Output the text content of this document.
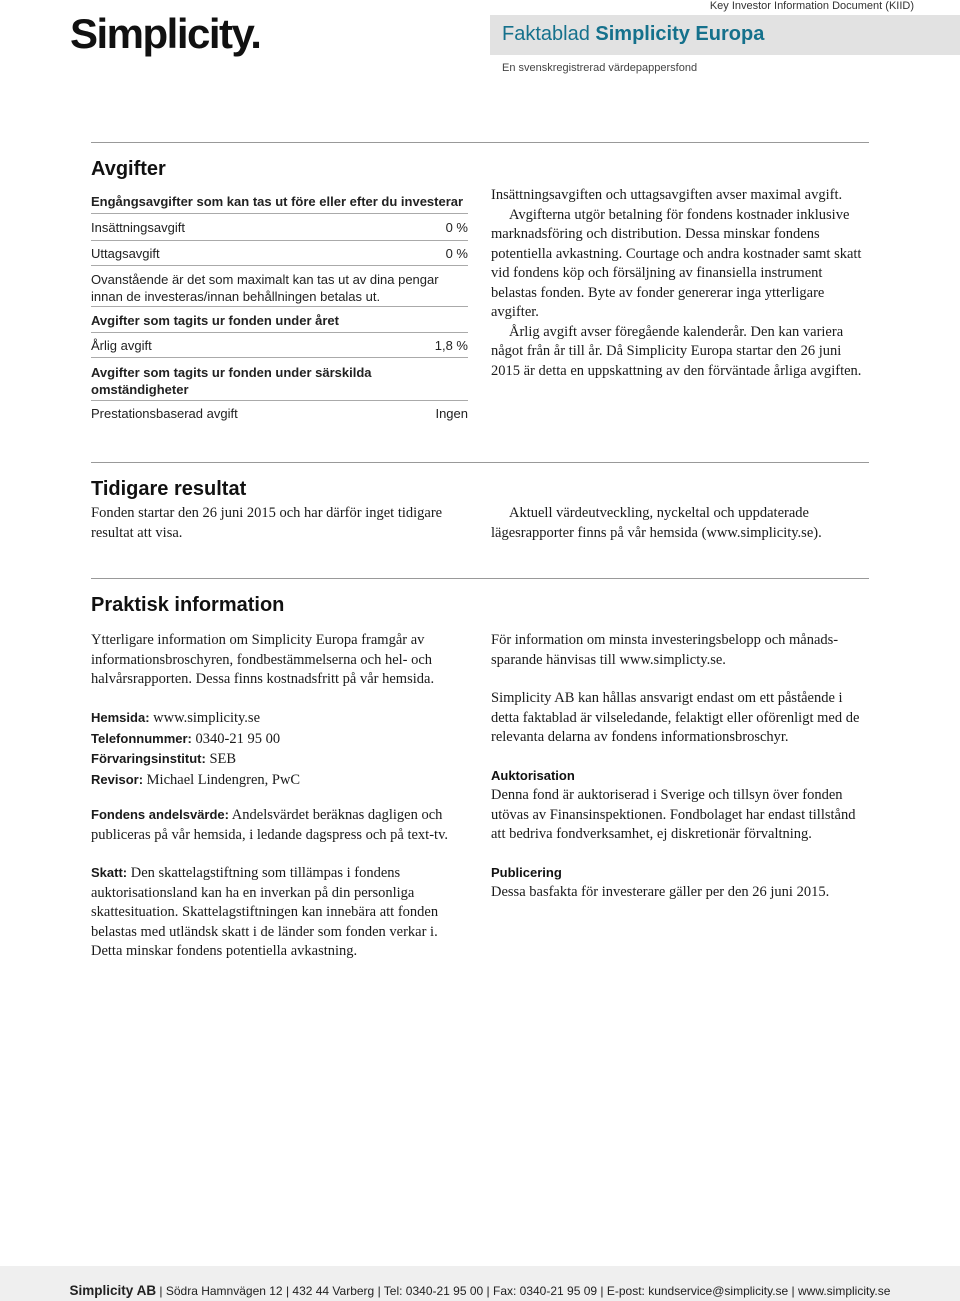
Simplicity.
Key Investor Information Document (KIID)
Faktablad Simplicity Europa
En svenskregistrerad värdepappersfond
Avgifter
Engångsavgifter som kan tas ut före eller efter du investerar
Insättningsavgift	0 %
Uttagsavgift	0 %
Ovanstående är det som maximalt kan tas ut av dina pengar innan de investeras/innan behållningen betalas ut.
Avgifter som tagits ur fonden under året
Årlig avgift	1,8 %
Avgifter som tagits ur fonden under särskilda omständigheter
Prestationsbaserad avgift	Ingen

Insättningsavgiften och uttagsavgiften avser maximal avgift.

Avgifterna utgör betalning för fondens kostnader inklusive marknadsföring och distribution. Dessa minskar fondens potentiella avkastning. Courtage och andra kostnader samt skatt vid fondens köp och försäljning av finansiella instrument belastas fonden. Byte av fonder genererar inga ytterligare avgifter.

Årlig avgift avser föregående kalenderår. Den kan variera något från år till år. Då Simplicity Europa startar den 26 juni 2015 är detta en uppskattning av den förväntade årliga avgiften.

Tidigare resultat
Fonden startar den 26 juni 2015 och har därför inget tidigare resultat att visa.

Aktuell värdeutveckling, nyckeltal och uppdaterade lägesrapporter finns på vår hemsida (www.simplicity.se).

Praktisk information
Ytterligare information om Simplicity Europa framgår av informationsbroschyren, fondbestämmelserna och hel- och halvårsrapporten. Dessa finns kostnadsfritt på vår hemsida.
Hemsida: www.simplicity.se
Telefonnummer: 0340-21 95 00
Förvaringsinstitut: SEB
Revisor: Michael Lindengren, PwC
Fondens andelsvärde: Andelsvärdet beräknas dagligen och publiceras på vår hemsida, i ledande dagspress och på text-tv.
Skatt: Den skattelagstiftning som tillämpas i fondens auktorisationsland kan ha en inverkan på din personliga skattesituation. Skattelagstiftningen kan innebära att fonden belastas med utländsk skatt i de länder som fonden verkar i. Detta minskar fondens potentiella avkastning.
För information om minsta investeringsbelopp och månads-sparande hänvisas till www.simplicty.se.
Simplicity AB kan hållas ansvarigt endast om ett påstående i detta faktablad är vilseledande, felaktigt eller oförenligt med de relevanta delarna av fondens informationsbroschyr.
Auktorisation
Denna fond är auktoriserad i Sverige och tillsyn över fonden utövas av Finansinspektionen. Fondbolaget har endast tillstånd att bedriva fondverksamhet, ej diskretionär förvaltning.
Publicering
Dessa basfakta för investerare gäller per den 26 juni 2015.
Simplicity AB | Södra Hamnvägen 12 | 432 44 Varberg | Tel: 0340-21 95 00 | Fax: 0340-21 95 09 | E-post: kundservice@simplicity.se | www.simplicity.se
